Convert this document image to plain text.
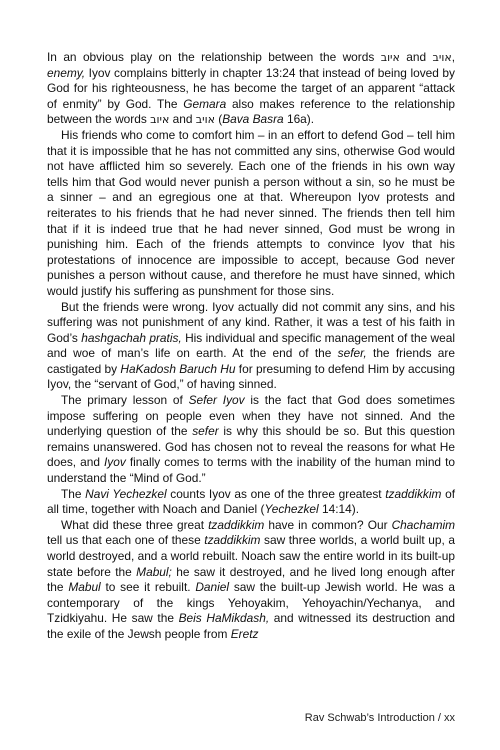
In an obvious play on the relationship between the words איוב and אויב, enemy, Iyov complains bitterly in chapter 13:24 that instead of being loved by God for his righteousness, he has become the target of an apparent “attack of enmity” by God. The Gemara also makes reference to the relationship between the words איוב and אויב (Bava Basra 16a).

His friends who come to comfort him – in an effort to defend God – tell him that it is impossible that he has not committed any sins, otherwise God would not have afflicted him so severely. Each one of the friends in his own way tells him that God would never punish a person without a sin, so he must be a sinner – and an egregious one at that. Whereupon Iyov protests and reiterates to his friends that he had never sinned. The friends then tell him that if it is indeed true that he had never sinned, God must be wrong in punishing him. Each of the friends attempts to convince Iyov that his protestations of innocence are impossible to accept, because God never punishes a person without cause, and therefore he must have sinned, which would justify his suffering as punshment for those sins.

But the friends were wrong. Iyov actually did not commit any sins, and his suffering was not punishment of any kind. Rather, it was a test of his faith in God’s hashgachah pratis, His individual and specific management of the weal and woe of man’s life on earth. At the end of the sefer, the friends are castigated by HaKadosh Baruch Hu for presuming to defend Him by accusing Iyov, the “servant of God,” of having sinned.

The primary lesson of Sefer Iyov is the fact that God does sometimes impose suffering on people even when they have not sinned. And the underlying question of the sefer is why this should be so. But this question remains unanswered. God has chosen not to reveal the reasons for what He does, and Iyov finally comes to terms with the inability of the human mind to understand the “Mind of God.”

The Navi Yechezkel counts Iyov as one of the three greatest tzaddikkim of all time, together with Noach and Daniel (Yechezkel 14:14).

What did these three great tzaddikkim have in common? Our Chachamim tell us that each one of these tzaddikkim saw three worlds, a world built up, a world destroyed, and a world rebuilt. Noach saw the entire world in its built-up state before the Mabul; he saw it destroyed, and he lived long enough after the Mabul to see it rebuilt. Daniel saw the built-up Jewish world. He was a contemporary of the kings Yehoyakim, Yehoyachin/Yechanya, and Tzidkiyahu. He saw the Beis HaMikdash, and witnessed its destruction and the exile of the Jewsh people from Eretz

Rav Schwab’s Introduction / xx
